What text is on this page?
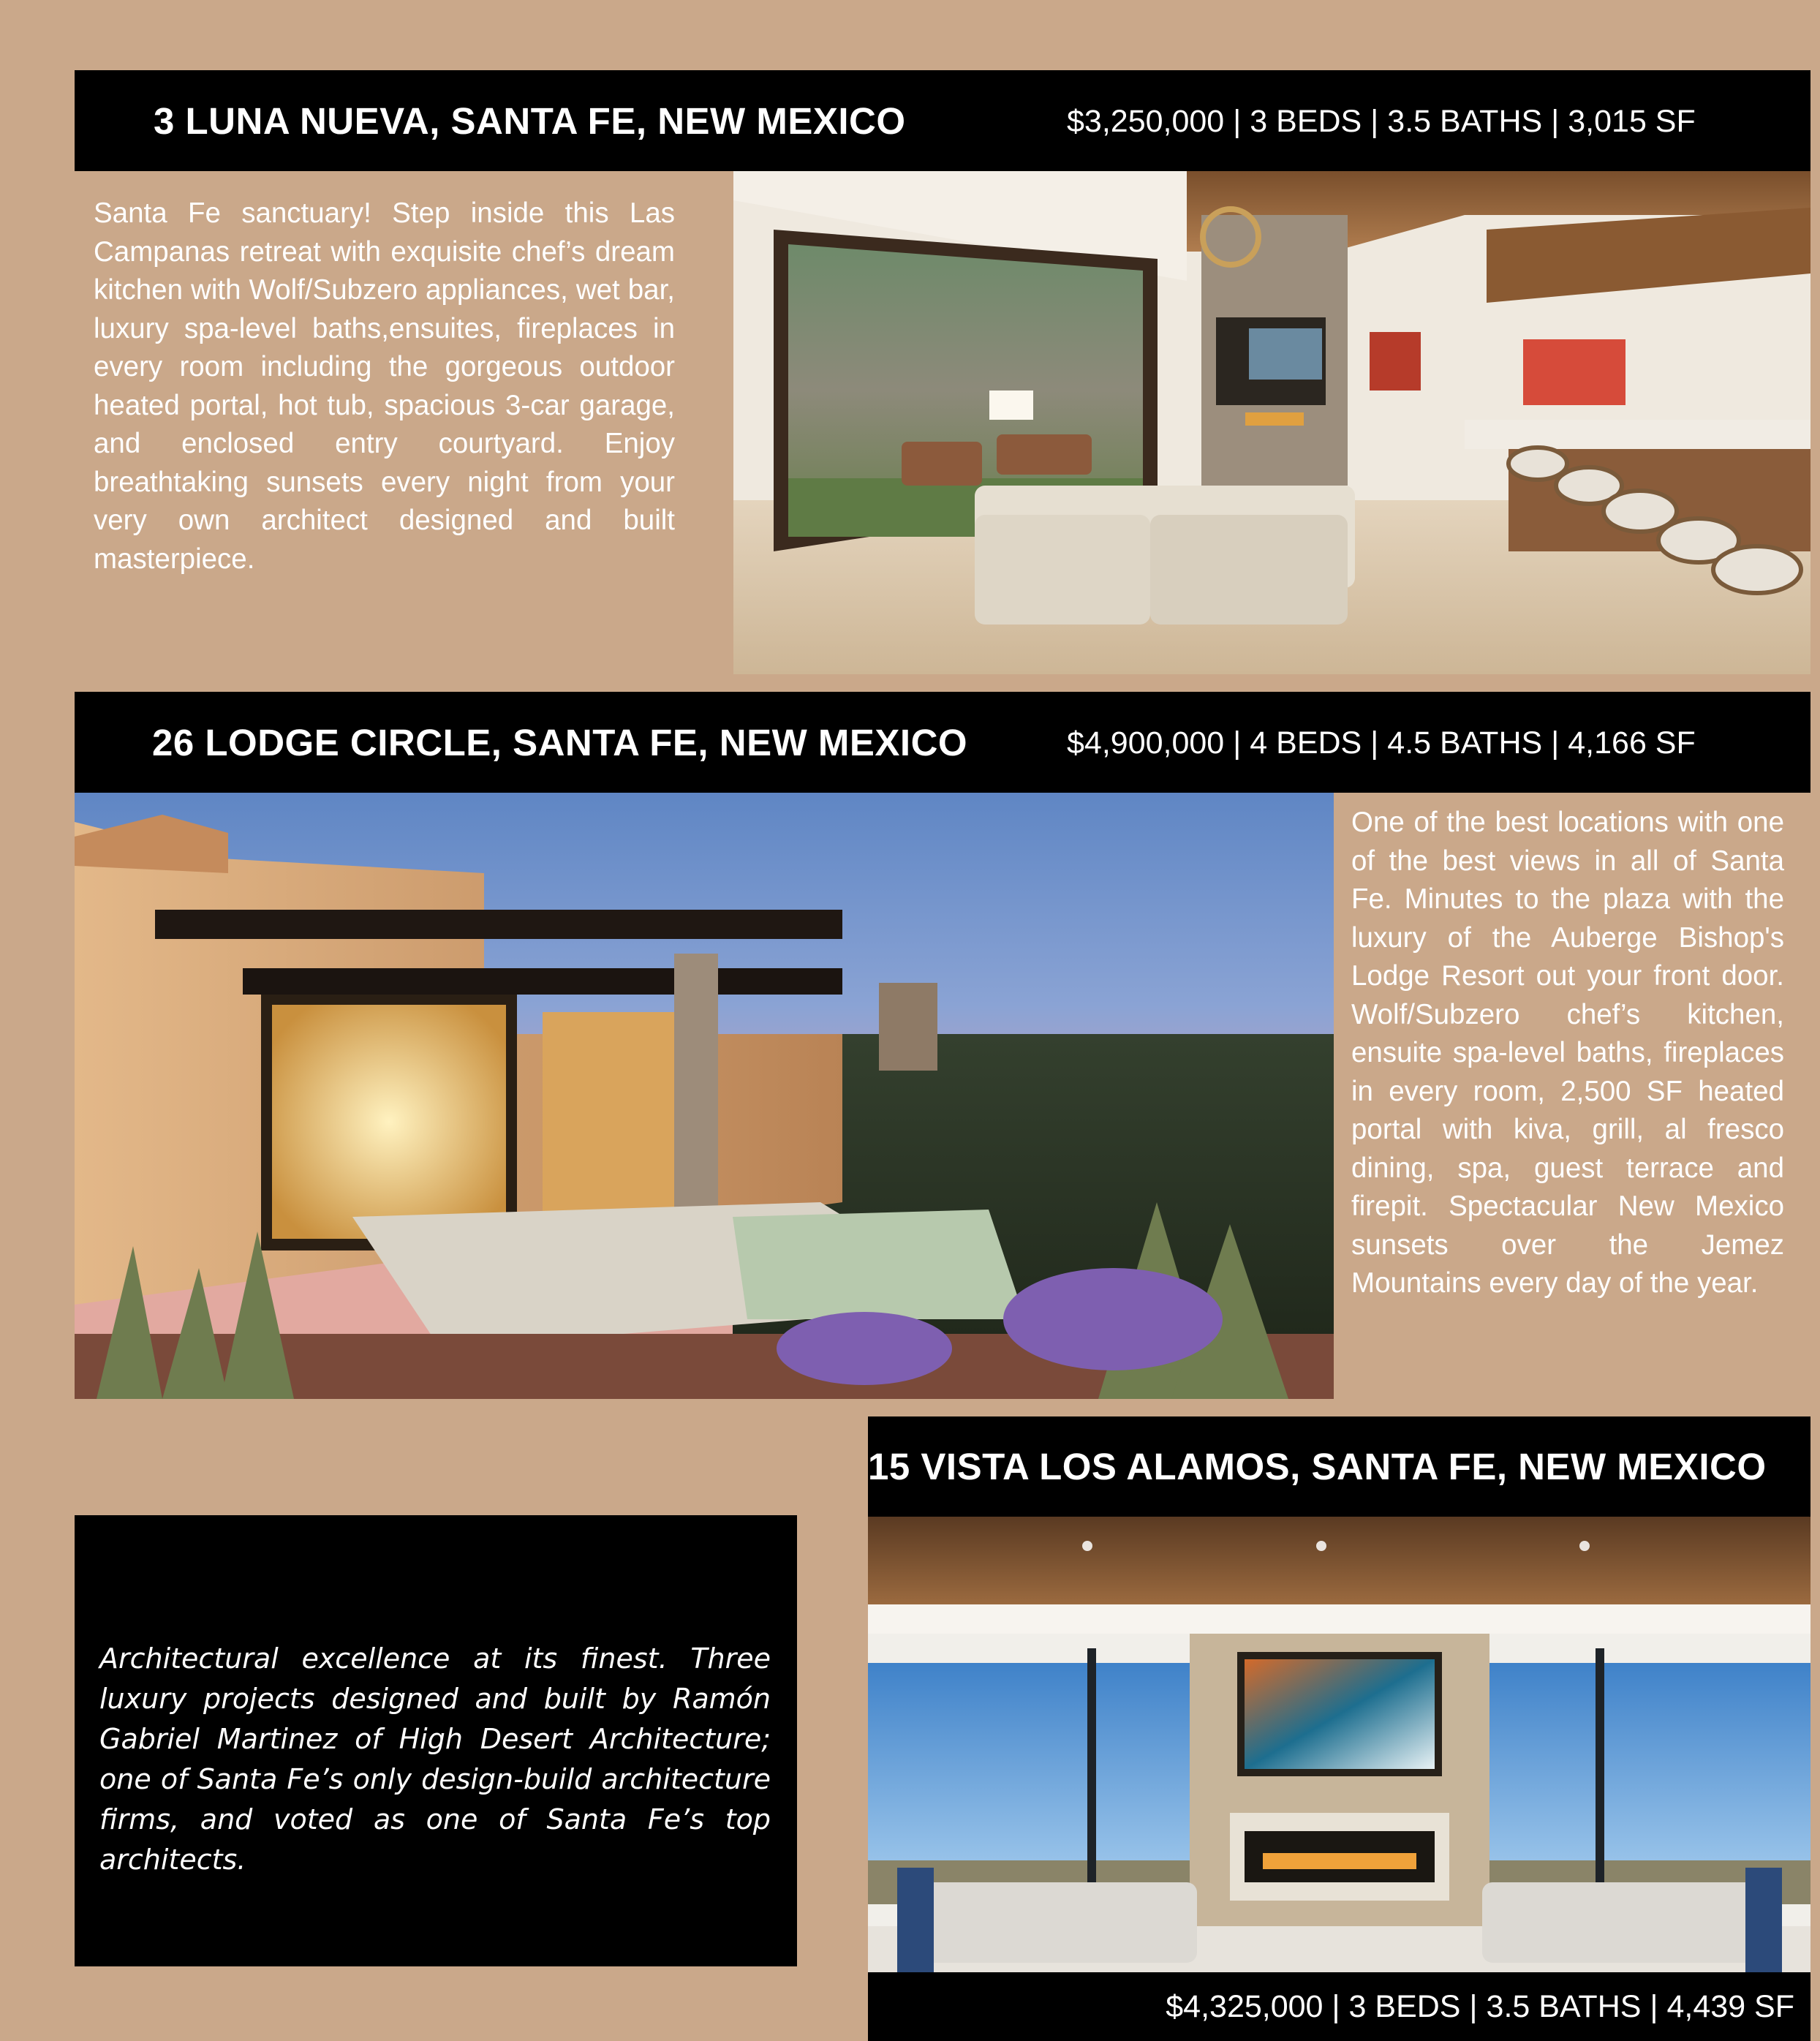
3 LUNA NUEVA, SANTA FE, NEW MEXICO	$3,250,000 | 3 BEDS | 3.5 BATHS | 3,015 SF

Santa Fe sanctuary! Step inside this Las Campanas retreat with exquisite chef’s dream kitchen with Wolf/Subzero appliances, wet bar, luxury spa-level baths,ensuites, fireplaces in every room including the gorgeous outdoor heated portal, hot tub, spacious 3-car garage, and enclosed entry courtyard. Enjoy breathtaking sunsets every night from your very own architect designed and built masterpiece.

26 LODGE CIRCLE, SANTA FE, NEW MEXICO	$4,900,000 | 4 BEDS | 4.5 BATHS | 4,166 SF

One of the best locations with one of the best views in all of Santa Fe. Minutes to the plaza with the luxury of the Auberge Bishop's Lodge Resort out your front door. Wolf/Subzero chef’s kitchen, ensuite spa-level baths, fireplaces in every room, 2,500 SF heated portal with kiva, grill, al fresco dining, spa, guest terrace and firepit. Spectacular New Mexico sunsets over the Jemez Mountains every day of the year.

15 VISTA LOS ALAMOS, SANTA FE, NEW MEXICO
$4,325,000 | 3 BEDS | 3.5 BATHS | 4,439 SF

Architectural excellence at its finest. Three luxury projects designed and built by Ramón Gabriel Martinez of High Desert Architecture; one of Santa Fe’s only design-build architecture firms, and voted as one of Santa Fe’s top architects.
